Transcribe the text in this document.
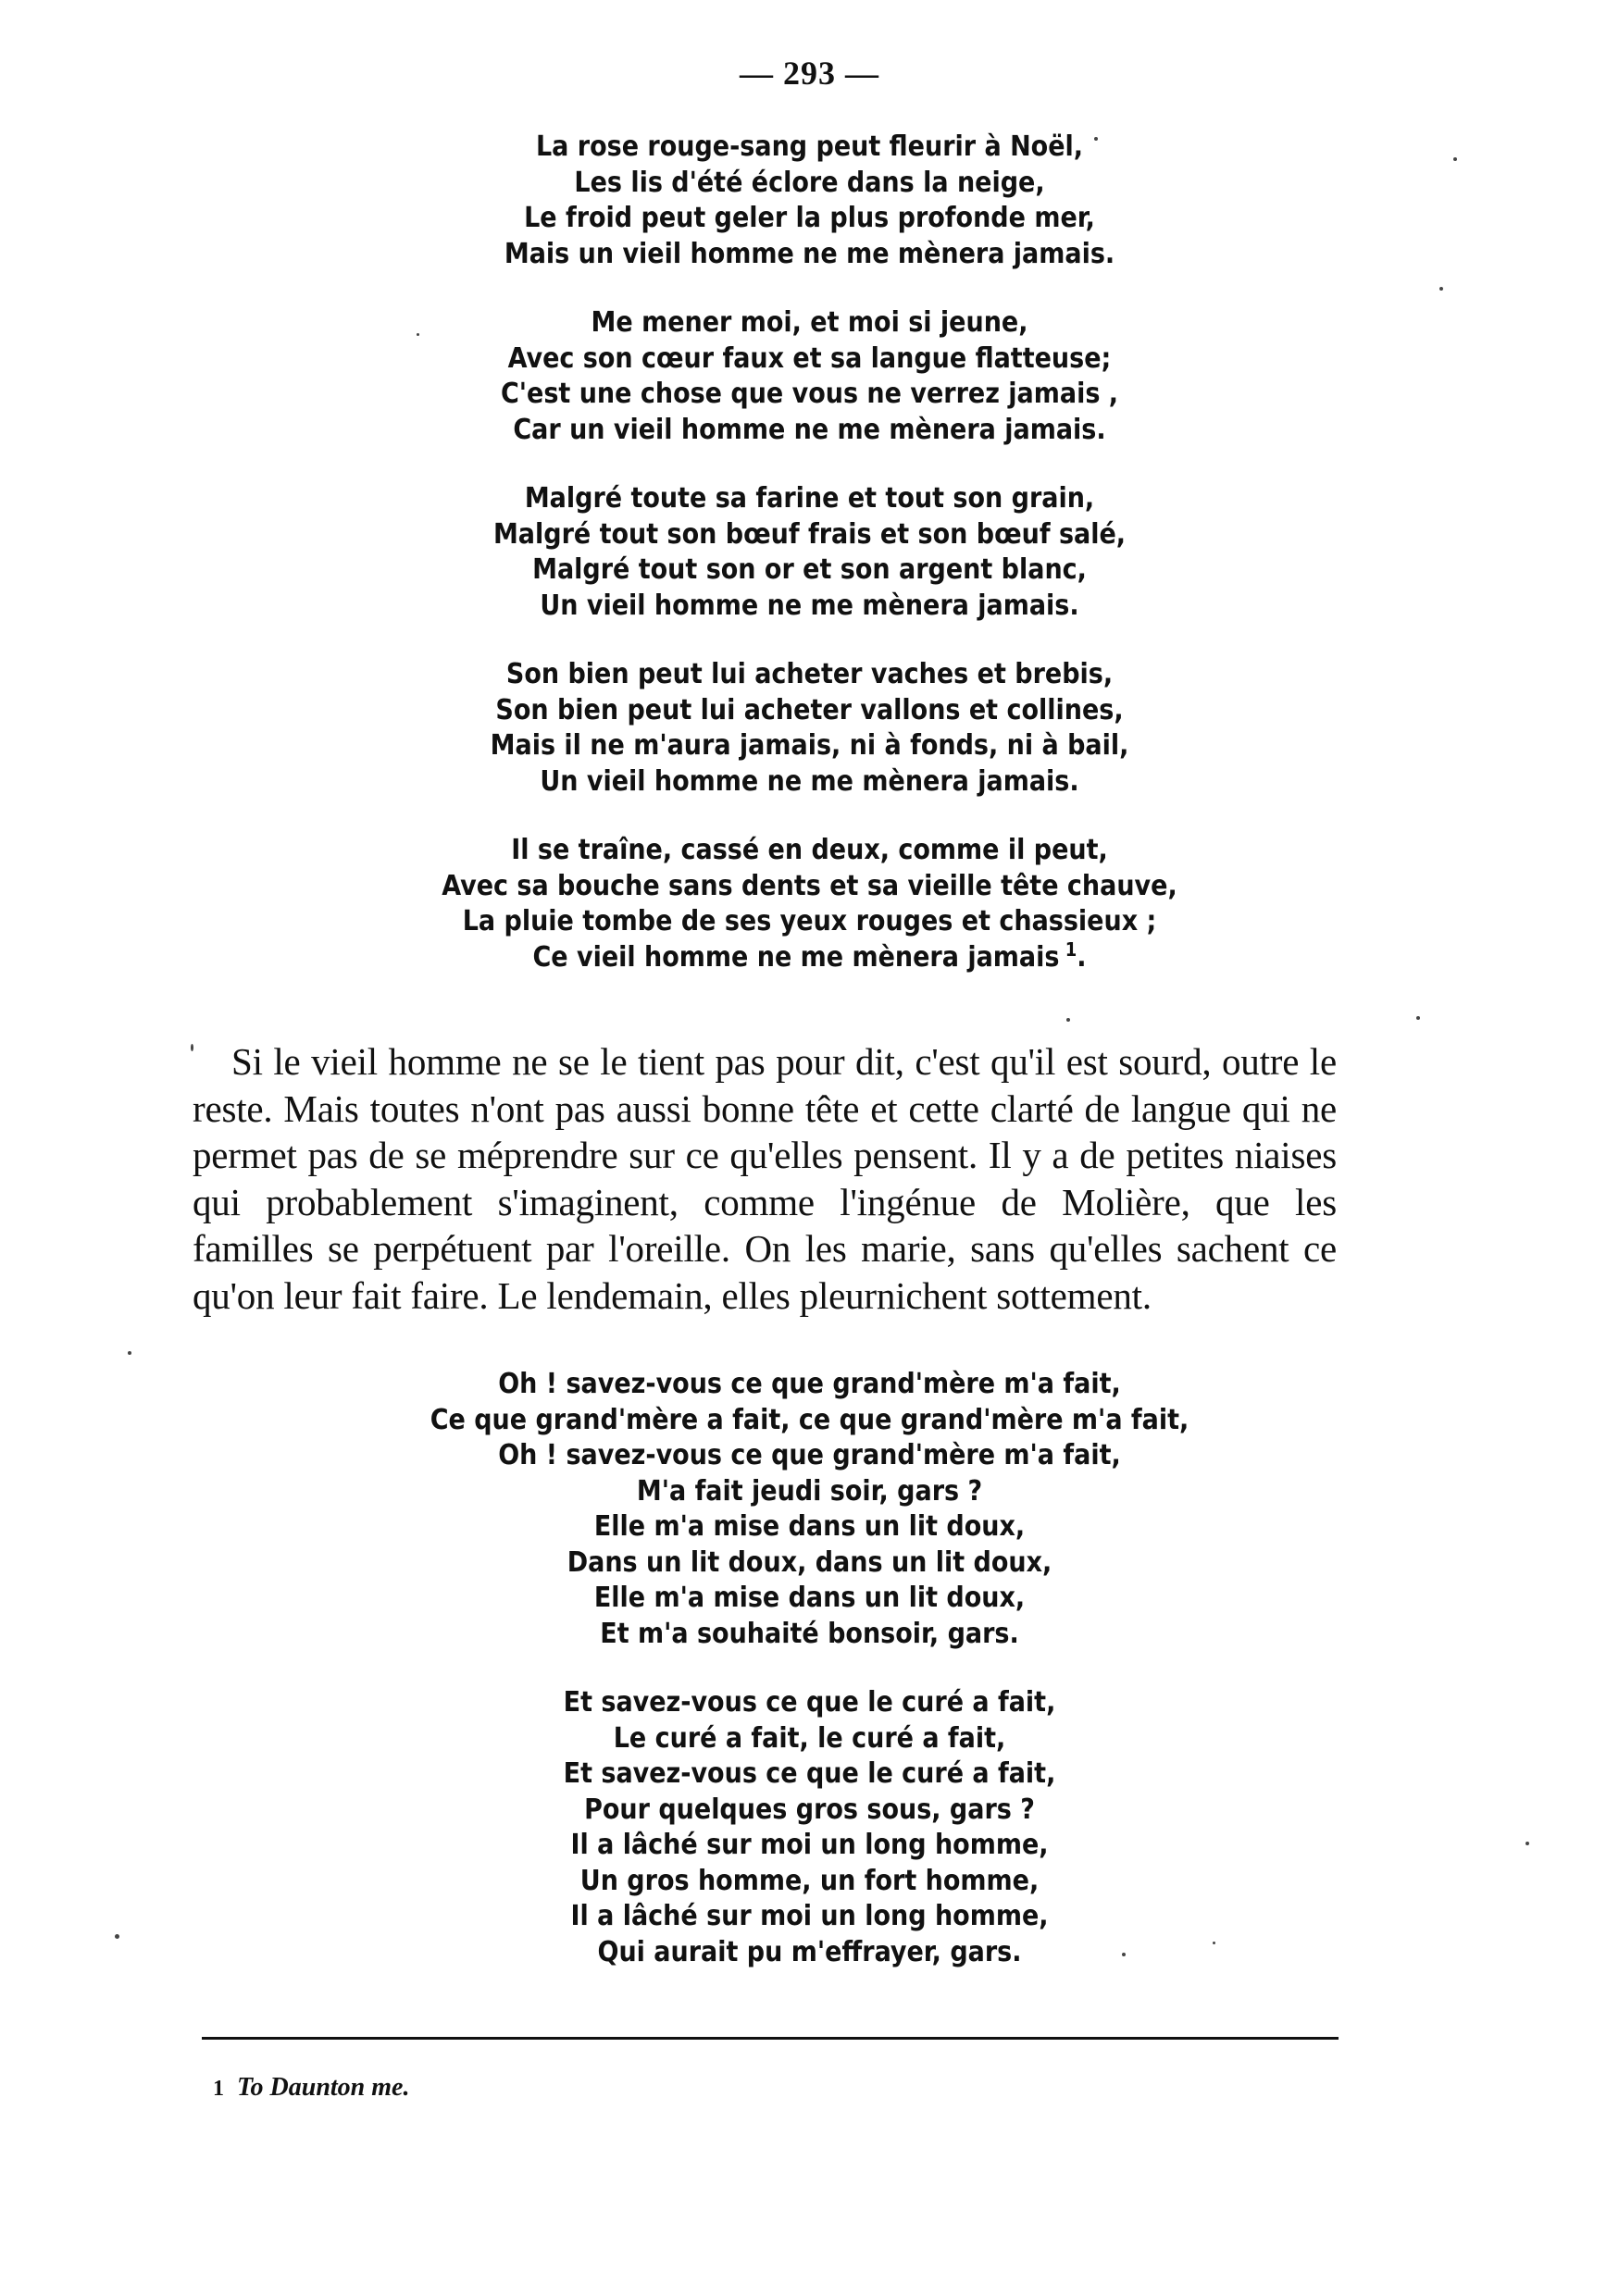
— 293 —
La rose rouge-sang peut fleurir à Noël,
Les lis d'été éclore dans la neige,
Le froid peut geler la plus profonde mer,
Mais un vieil homme ne me mènera jamais.
Me mener moi, et moi si jeune,
Avec son cœur faux et sa langue flatteuse;
C'est une chose que vous ne verrez jamais ,
Car un vieil homme ne me mènera jamais.
Malgré toute sa farine et tout son grain,
Malgré tout son bœuf frais et son bœuf salé,
Malgré tout son or et son argent blanc,
Un vieil homme ne me mènera jamais.
Son bien peut lui acheter vaches et brebis,
Son bien peut lui acheter vallons et collines,
Mais il ne m'aura jamais, ni à fonds, ni à bail,
Un vieil homme ne me mènera jamais.
Il se traîne, cassé en deux, comme il peut,
Avec sa bouche sans dents et sa vieille tête chauve,
La pluie tombe de ses yeux rouges et chassieux ;
Ce vieil homme ne me mènera jamais $^1$.

Si le vieil homme ne se le tient pas pour dit, c'est qu'il est sourd, outre le reste. Mais toutes n'ont pas aussi bonne tête et cette clarté de langue qui ne permet pas de se méprendre sur ce qu'elles pensent. Il y a de petites niaises qui probablement s'imaginent, comme l'ingénue de Molière, que les familles se perpétuent par l'oreille. On les marie, sans qu'elles sachent ce qu'on leur fait faire. Le lendemain, elles pleurnichent sottement.

Oh ! savez-vous ce que grand'mère m'a fait,
Ce que grand'mère a fait, ce que grand'mère m'a fait,
Oh ! savez-vous ce que grand'mère m'a fait,
M'a fait jeudi soir, gars ?
Elle m'a mise dans un lit doux,
Dans un lit doux, dans un lit doux,
Elle m'a mise dans un lit doux,
Et m'a souhaité bonsoir, gars.
Et savez-vous ce que le curé a fait,
Le curé a fait, le curé a fait,
Et savez-vous ce que le curé a fait,
Pour quelques gros sous, gars ?
Il a lâché sur moi un long homme,
Un gros homme, un fort homme,
Il a lâché sur moi un long homme,
Qui aurait pu m'effrayer, gars.
1 To Daunton me.
